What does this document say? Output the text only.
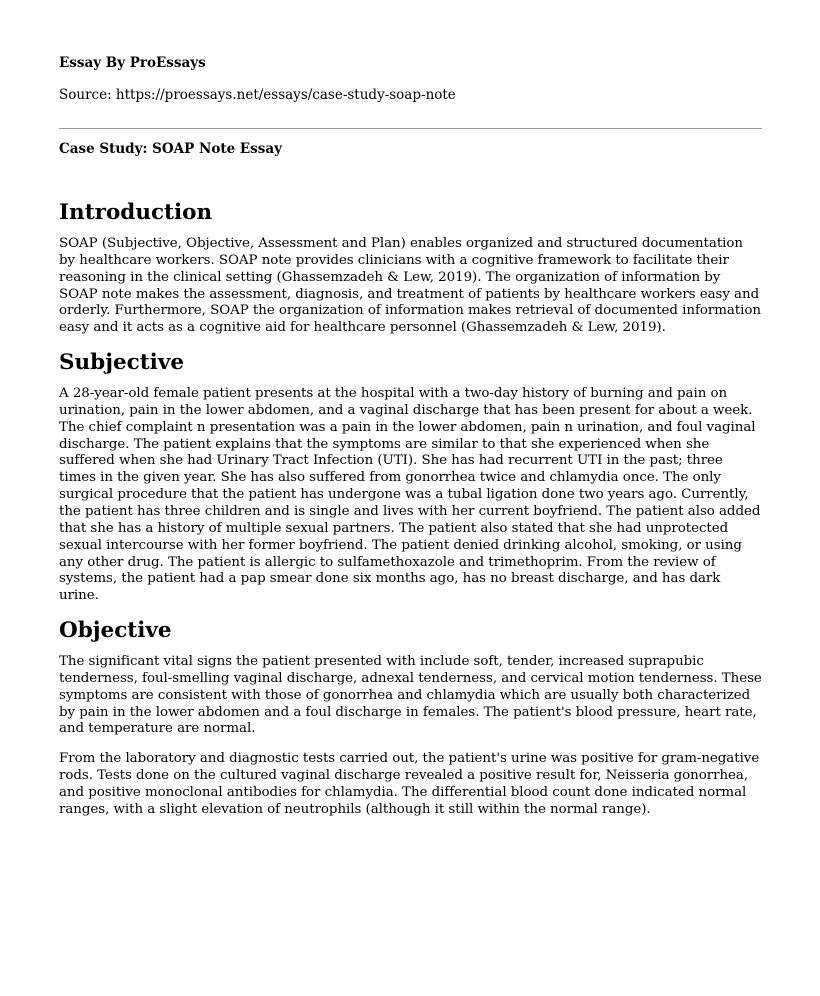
Essay By ProEssays
Source: https://proessays.net/essays/case-study-soap-note
Case Study: SOAP Note Essay
Introduction

SOAP (Subjective, Objective, Assessment and Plan) enables organized and structured documentation by healthcare workers. SOAP note provides clinicians with a cognitive framework to facilitate their reasoning in the clinical setting (Ghassemzadeh & Lew, 2019). The organization of information by SOAP note makes the assessment, diagnosis, and treatment of patients by healthcare workers easy and orderly. Furthermore, SOAP the organization of information makes retrieval of documented information easy and it acts as a cognitive aid for healthcare personnel (Ghassemzadeh & Lew, 2019).

Subjective

A 28-year-old female patient presents at the hospital with a two-day history of burning and pain on urination, pain in the lower abdomen, and a vaginal discharge that has been present for about a week. The chief complaint n presentation was a pain in the lower abdomen, pain n urination, and foul vaginal discharge. The patient explains that the symptoms are similar to that she experienced when she suffered when she had Urinary Tract Infection (UTI). She has had recurrent UTI in the past; three times in the given year. She has also suffered from gonorrhea twice and chlamydia once. The only surgical procedure that the patient has undergone was a tubal ligation done two years ago. Currently, the patient has three children and is single and lives with her current boyfriend. The patient also added that she has a history of multiple sexual partners. The patient also stated that she had unprotected sexual intercourse with her former boyfriend. The patient denied drinking alcohol, smoking, or using any other drug. The patient is allergic to sulfamethoxazole and trimethoprim. From the review of systems, the patient had a pap smear done six months ago, has no breast discharge, and has dark urine.

Objective

The significant vital signs the patient presented with include soft, tender, increased suprapubic tenderness, foul-smelling vaginal discharge, adnexal tenderness, and cervical motion tenderness. These symptoms are consistent with those of gonorrhea and chlamydia which are usually both characterized by pain in the lower abdomen and a foul discharge in females. The patient's blood pressure, heart rate, and temperature are normal.

From the laboratory and diagnostic tests carried out, the patient's urine was positive for gram-negative rods. Tests done on the cultured vaginal discharge revealed a positive result for, Neisseria gonorrhea, and positive monoclonal antibodies for chlamydia. The differential blood count done indicated normal ranges, with a slight elevation of neutrophils (although it still within the normal range).
